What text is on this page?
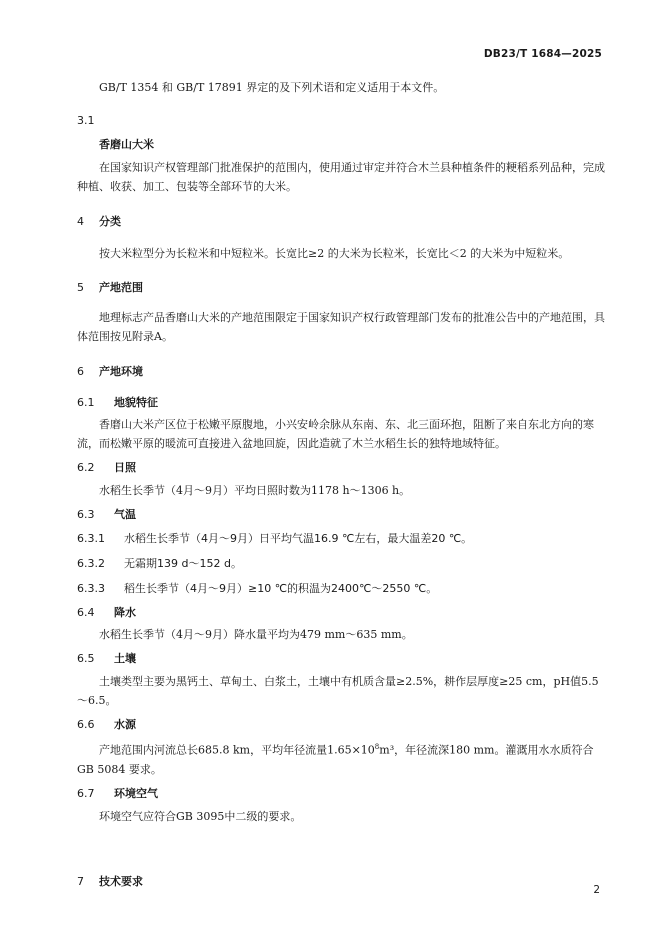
DB23/T 1684—2025

GB/T 1354 和 GB/T 17891 界定的及下列术语和定义适用于本文件。

3.1

香磨山大米

在国家知识产权管理部门批准保护的范围内，使用通过审定并符合木兰县种植条件的粳稻系列品种，完成种植、收获、加工、包装等全部环节的大米。

4 分类

按大米粒型分为长粒米和中短粒米。长宽比≥2 的大米为长粒米，长宽比＜2 的大米为中短粒米。

5 产地范围

地理标志产品香磨山大米的产地范围限定于国家知识产权行政管理部门发布的批准公告中的产地范围，具体范围按见附录A。

6 产地环境

6.1 地貌特征

香磨山大米产区位于松嫩平原腹地，小兴安岭余脉从东南、东、北三面环抱，阻断了来自东北方向的寒流，而松嫩平原的暖流可直接进入盆地回旋，因此造就了木兰水稻生长的独特地域特征。

6.2 日照

水稻生长季节（4月～9月）平均日照时数为1178 h～1306 h。

6.3 气温

6.3.1 水稻生长季节（4月～9月）日平均气温16.9 ℃左右，最大温差20 ℃。

6.3.2 无霜期139 d～152 d。

6.3.3 稻生长季节（4月～9月）≥10 ℃的积温为2400℃～2550 ℃。

6.4 降水

水稻生长季节（4月～9月）降水量平均为479 mm～635 mm。

6.5 土壤

土壤类型主要为黑钙土、草甸土、白浆土，土壤中有机质含量≥2.5%，耕作层厚度≥25 cm，pH值5.5～6.5。

6.6 水源

产地范围内河流总长685.8 km，平均年径流量$1.65\times 10^8m^3$，年径流深180 mm。灌溉用水水质符合GB 5084 要求。

6.7 环境空气

环境空气应符合GB 3095中二级的要求。

7 技术要求

2
